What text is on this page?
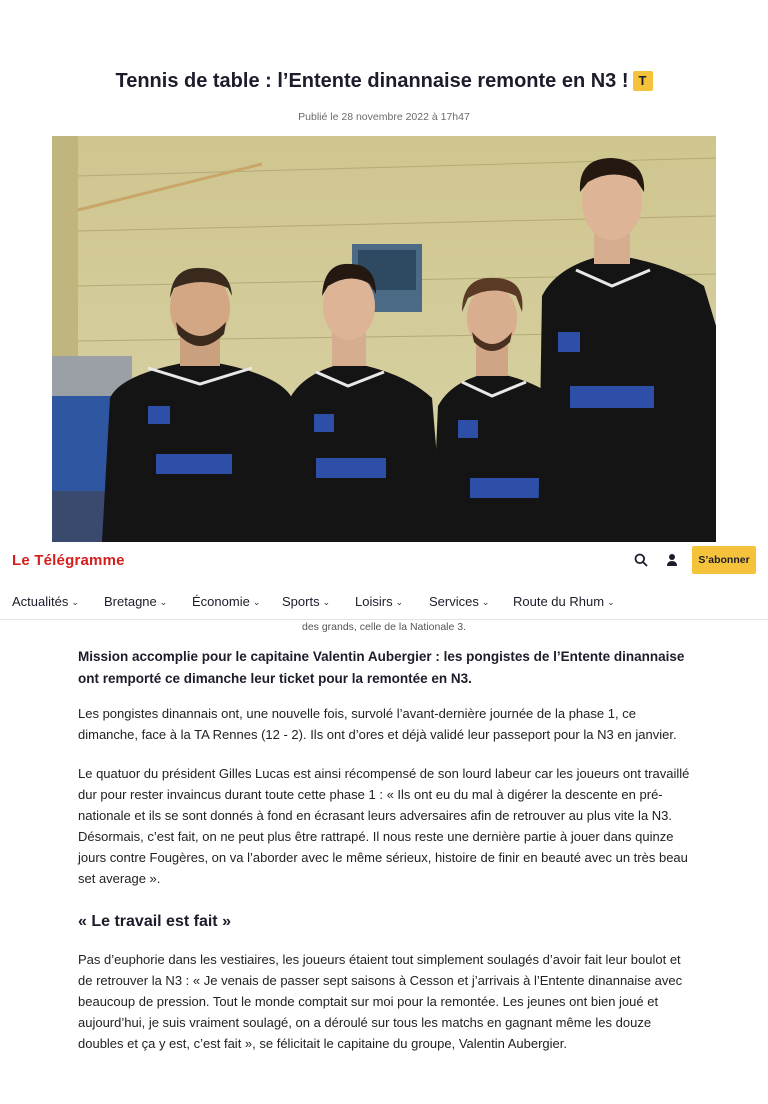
Tennis de table : l’Entente dinannaise remonte en N3 ! T
Publié le 28 novembre 2022 à 17h47
Le Télégramme	S’abonner
Actualités ⌄ Bretagne ⌄ Économie ⌄ Sports ⌄ Loisirs ⌄ Services ⌄ Route du Rhum ⌄
des grands, celle de la Nationale 3.

Mission accomplie pour le capitaine Valentin Aubergier : les pongistes de l’Entente dinannaise ont remporté ce dimanche leur ticket pour la remontée en N3.

Les pongistes dinannais ont, une nouvelle fois, survolé l’avant-dernière journée de la phase 1, ce dimanche, face à la TA Rennes (12 - 2). Ils ont d’ores et déjà validé leur passeport pour la N3 en janvier.

Le quatuor du président Gilles Lucas est ainsi récompensé de son lourd labeur car les joueurs ont travaillé dur pour rester invaincus durant toute cette phase 1 : « Ils ont eu du mal à digérer la descente en pré-nationale et ils se sont donnés à fond en écrasant leurs adversaires afin de retrouver au plus vite la N3. Désormais, c’est fait, on ne peut plus être rattrapé. Il nous reste une dernière partie à jouer dans quinze jours contre Fougères, on va l’aborder avec le même sérieux, histoire de finir en beauté avec un très beau set average ».

« Le travail est fait »

Pas d’euphorie dans les vestiaires, les joueurs étaient tout simplement soulagés d’avoir fait leur boulot et de retrouver la N3 : « Je venais de passer sept saisons à Cesson et j’arrivais à l’Entente dinannaise avec beaucoup de pression. Tout le monde comptait sur moi pour la remontée. Les jeunes ont bien joué et aujourd’hui, je suis vraiment soulagé, on a déroulé sur tous les matchs en gagnant même les douze doubles et ça y est, c’est fait », se félicitait le capitaine du groupe, Valentin Aubergier.
